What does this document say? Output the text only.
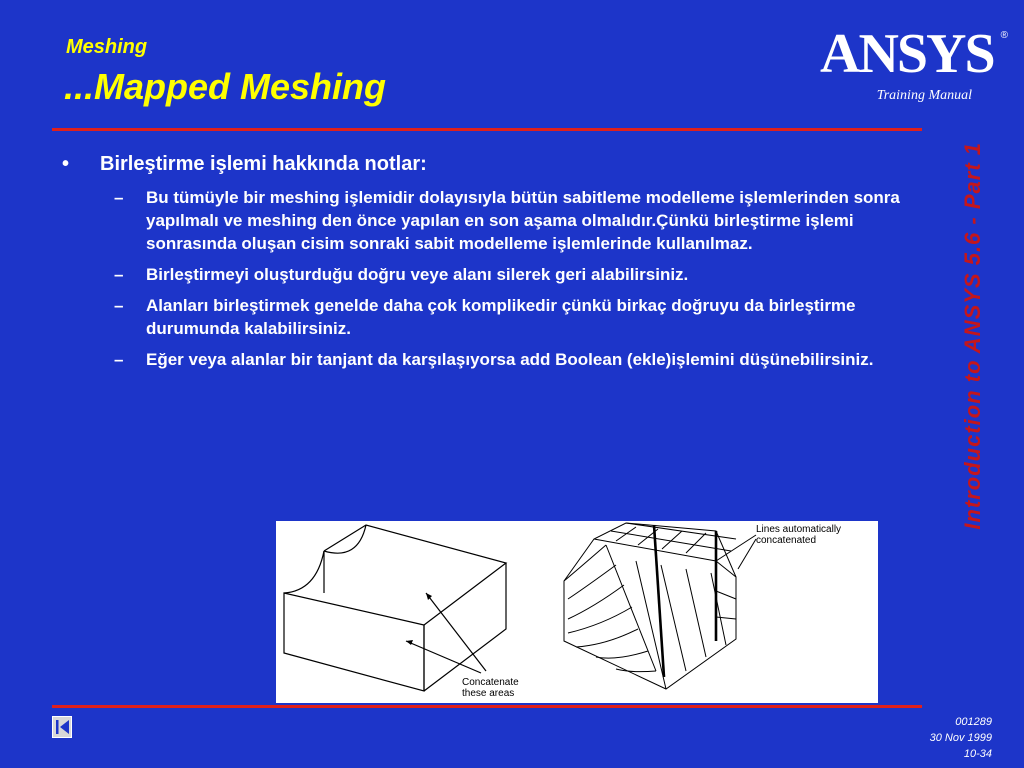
Meshing
...Mapped Meshing
ANSYS ®
Training Manual
Introduction to ANSYS 5.6 - Part 1
• Birleştirme işlemi hakkında notlar:
– Bu tümüyle bir meshing işlemidir dolayısıyla bütün sabitleme modelleme işlemlerinden sonra yapılmalı ve meshing den önce yapılan en son aşama olmalıdır.Çünkü birleştirme işlemi sonrasında oluşan cisim sonraki sabit modelleme işlemlerinde kullanılmaz.
– Birleştirmeyi oluşturduğu doğru veye alanı silerek geri alabilirsiniz.
– Alanları birleştirmek genelde daha çok komplikedir çünkü birkaç doğruyu da birleştirme durumunda kalabilirsiniz.
– Eğer veya alanlar bir tanjant da karşılaşıyorsa add Boolean (ekle)işlemini düşünebilirsiniz.
Concatenate
these areas
Lines automatically
concatenated
001289
30 Nov 1999
10-34
